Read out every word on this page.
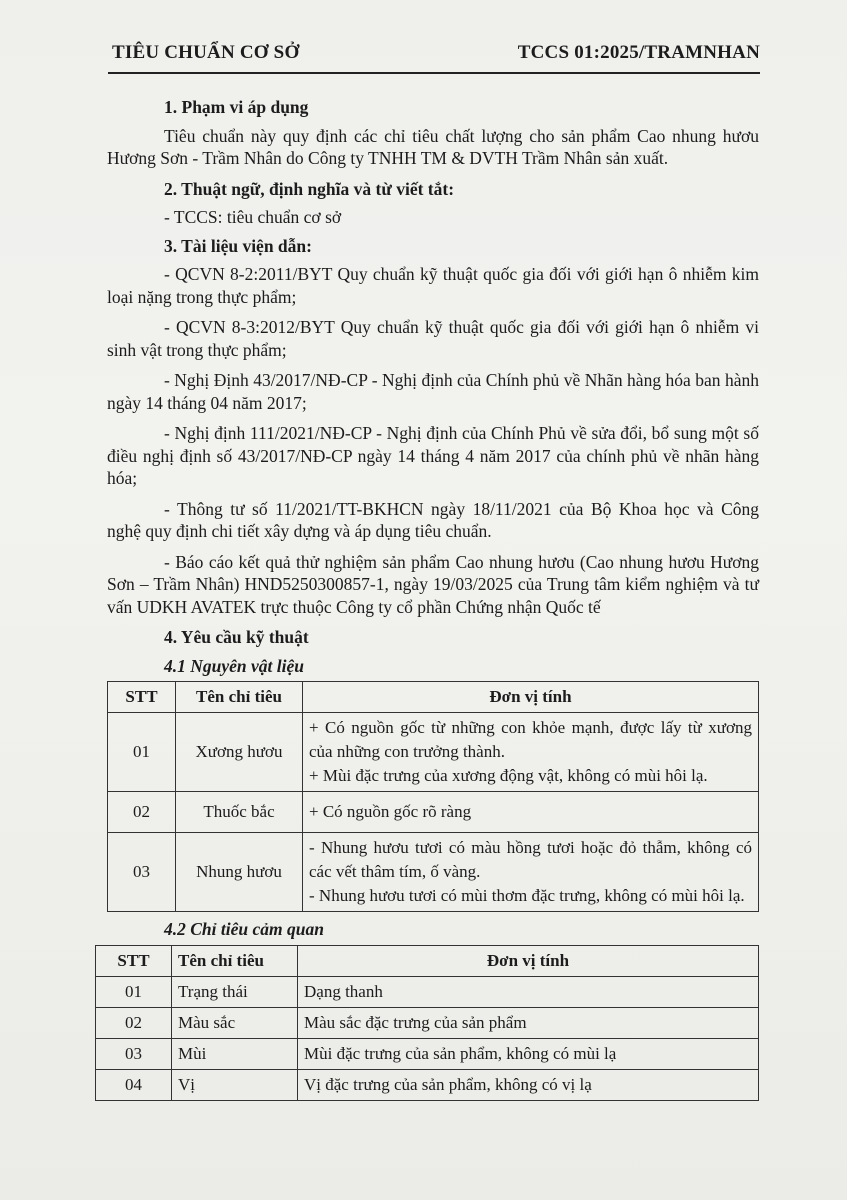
TIÊU CHUẨN CƠ SỞ	TCCS 01:2025/TRAMNHAN
1. Phạm vi áp dụng
Tiêu chuẩn này quy định các chỉ tiêu chất lượng cho sản phẩm Cao nhung hươu Hương Sơn - Trầm Nhân do Công ty TNHH TM & DVTH Trầm Nhân sản xuất.
2. Thuật ngữ, định nghĩa và từ viết tắt:
- TCCS: tiêu chuẩn cơ sở
3. Tài liệu viện dẫn:
- QCVN 8-2:2011/BYT Quy chuẩn kỹ thuật quốc gia đối với giới hạn ô nhiễm kim loại nặng trong thực phẩm;
- QCVN 8-3:2012/BYT Quy chuẩn kỹ thuật quốc gia đối với giới hạn ô nhiễm vi sinh vật trong thực phẩm;
- Nghị Định 43/2017/NĐ-CP - Nghị định của Chính phủ về Nhãn hàng hóa ban hành ngày 14 tháng 04 năm 2017;
- Nghị định 111/2021/NĐ-CP - Nghị định của Chính Phủ về sửa đổi, bổ sung một số điều nghị định số 43/2017/NĐ-CP ngày 14 tháng 4 năm 2017 của chính phủ về nhãn hàng hóa;
- Thông tư số 11/2021/TT-BKHCN ngày 18/11/2021 của Bộ Khoa học và Công nghệ quy định chi tiết xây dựng và áp dụng tiêu chuẩn.
- Báo cáo kết quả thử nghiệm sản phẩm Cao nhung hươu (Cao nhung hươu Hương Sơn – Trầm Nhân) HND5250300857-1, ngày 19/03/2025 của Trung tâm kiểm nghiệm và tư vấn UDKH AVATEK trực thuộc Công ty cổ phần Chứng nhận Quốc tế
4. Yêu cầu kỹ thuật
4.1 Nguyên vật liệu
STT	Tên chỉ tiêu	Đơn vị tính
01	Xương hươu	+ Có nguồn gốc từ những con khỏe mạnh, được lấy từ xương của những con trưởng thành.
+ Mùi đặc trưng của xương động vật, không có mùi hôi lạ.

02	Thuốc bắc	+ Có nguồn gốc rõ ràng

03	Nhung hươu	- Nhung hươu tươi có màu hồng tươi hoặc đỏ thẫm, không có các vết thâm tím, ố vàng.
- Nhung hươu tươi có mùi thơm đặc trưng, không có mùi hôi lạ.
4.2 Chỉ tiêu cảm quan
STT	Tên chỉ tiêu	Đơn vị tính
01	Trạng thái	Dạng thanh
02	Màu sắc	Màu sắc đặc trưng của sản phẩm
03	Mùi	Mùi đặc trưng của sản phẩm, không có mùi lạ
04	Vị	Vị đặc trưng của sản phẩm, không có vị lạ
